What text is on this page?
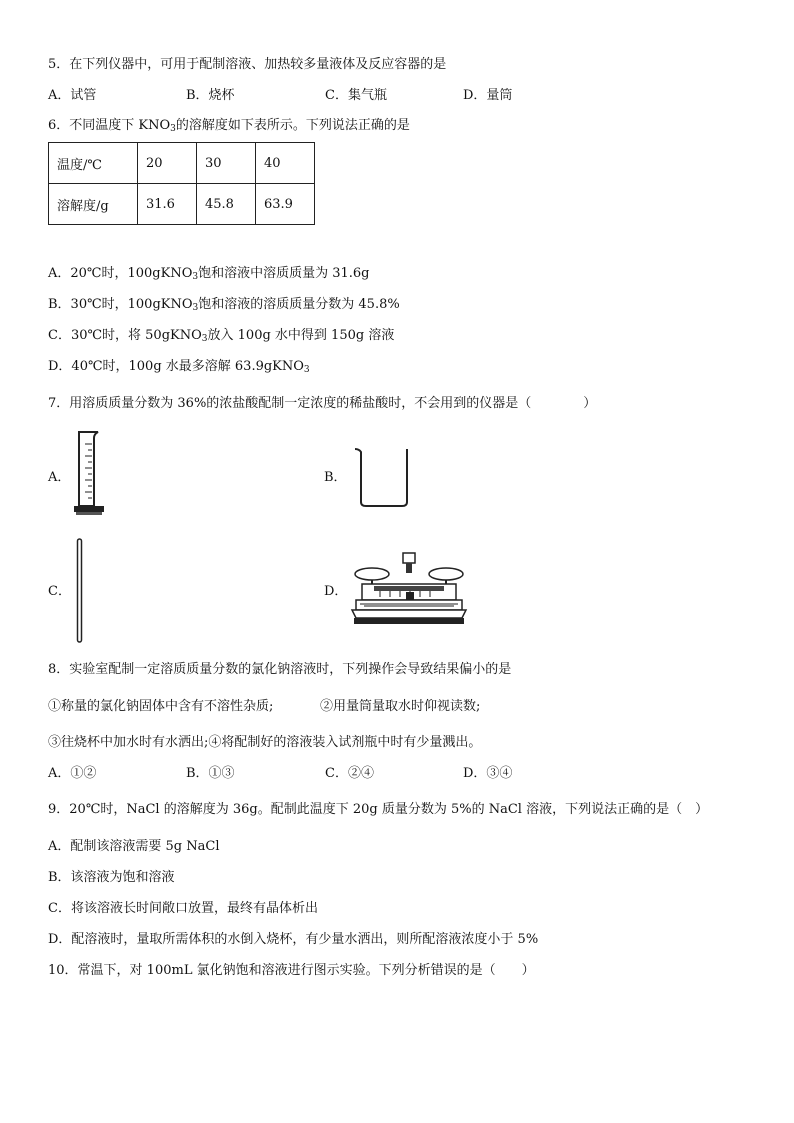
5．在下列仪器中，可用于配制溶液、加热较多量液体及反应容器的是
A．试管	B．烧杯	C．集气瓶	D．量筒
6．不同温度下 $KNO_3$的溶解度如下表所示。下列说法正确的是
温度/℃	20	30	40
溶解度/g	31.6	45.8	63.9
A．20℃时，100gKNO$_3$饱和溶液中溶质质量为 31.6g
B．30℃时，100gKNO$_3$饱和溶液的溶质质量分数为 45.8%
C．30℃时，将 50gKNO$_3$放入 100g 水中得到 150g 溶液
D．40℃时，100g 水最多溶解 63.9gKNO$_3$
7．用溶质质量分数为 36%的浓盐酸配制一定浓度的稀盐酸时，不会用到的仪器是（　　　　）
A．	B．
C．	D．
8．实验室配制一定溶质质量分数的氯化钠溶液时，下列操作会导致结果偏小的是
①称量的氯化钠固体中含有不溶性杂质;	②用量筒量取水时仰视读数;
③往烧杯中加水时有水洒出;④将配制好的溶液装入试剂瓶中时有少量溅出。
A．①②	B．①③	C．②④	D．③④
9．20℃时，NaCl 的溶解度为 36g。配制此温度下 20g 质量分数为 5%的 NaCl 溶液，下列说法正确的是（　）
A．配制该溶液需要 5g NaCl
B．该溶液为饱和溶液
C．将该溶液长时间敞口放置，最终有晶体析出
D．配溶液时，量取所需体积的水倒入烧杯，有少量水洒出，则所配溶液浓度小于 5%
10．常温下，对 100mL 氯化钠饱和溶液进行图示实验。下列分析错误的是（　　）
